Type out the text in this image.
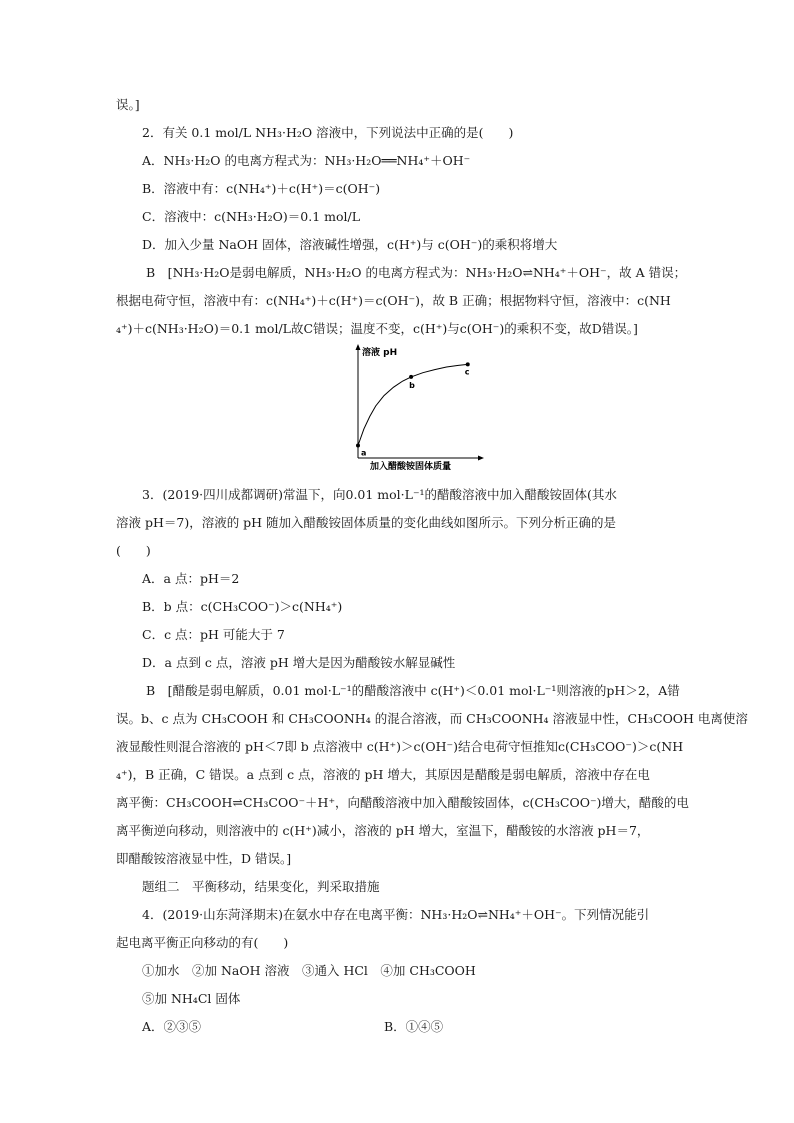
误。]
2．有关 0.1 mol/L NH₃·H₂O 溶液中，下列说法中正确的是(　　)
A．NH₃·H₂O 的电离方程式为：NH₃·H₂O══NH₄⁺＋OH⁻
B．溶液中有：c(NH₄⁺)＋c(H⁺)＝c(OH⁻)
C．溶液中：c(NH₃·H₂O)＝0.1 mol/L
D．加入少量 NaOH 固体，溶液碱性增强，c(H⁺)与 c(OH⁻)的乘积将增大
B　[NH₃·H₂O是弱电解质，NH₃·H₂O 的电离方程式为：NH₃·H₂O⇌NH₄⁺＋OH⁻，故 A 错误；
根据电荷守恒，溶液中有：c(NH₄⁺)＋c(H⁺)＝c(OH⁻)，故 B 正确；根据物料守恒，溶液中：c(NH
₄⁺)＋c(NH₃·H₂O)＝0.1 mol/L故C错误；温度不变，c(H⁺)与c(OH⁻)的乘积不变，故D错误。]
溶液 pH
加入醋酸铵固体质量
a
b
c
3．(2019·四川成都调研)常温下，向0.01 mol·L⁻¹的醋酸溶液中加入醋酸铵固体(其水
溶液 pH＝7)，溶液的 pH 随加入醋酸铵固体质量的变化曲线如图所示。下列分析正确的是
(　　)
A．a 点：pH＝2
B．b 点：c(CH₃COO⁻)＞c(NH₄⁺)
C．c 点：pH 可能大于 7
D．a 点到 c 点，溶液 pH 增大是因为醋酸铵水解显碱性
B　[醋酸是弱电解质，0.01 mol·L⁻¹的醋酸溶液中 c(H⁺)＜0.01 mol·L⁻¹则溶液的pH＞2，A错
误。b、c 点为 CH₃COOH 和 CH₃COONH₄ 的混合溶液，而 CH₃COONH₄ 溶液显中性，CH₃COOH 电离使溶
液显酸性则混合溶液的 pH＜7即 b 点溶液中 c(H⁺)＞c(OH⁻)结合电荷守恒推知c(CH₃COO⁻)＞c(NH
₄⁺)，B 正确，C 错误。a 点到 c 点，溶液的 pH 增大，其原因是醋酸是弱电解质，溶液中存在电
离平衡：CH₃COOH⇌CH₃COO⁻＋H⁺，向醋酸溶液中加入醋酸铵固体，c(CH₃COO⁻)增大，醋酸的电
离平衡逆向移动，则溶液中的 c(H⁺)减小，溶液的 pH 增大，室温下，醋酸铵的水溶液 pH＝7，
即醋酸铵溶液显中性，D 错误。]
题组二　平衡移动，结果变化，判采取措施
4．(2019·山东菏泽期末)在氨水中存在电离平衡：NH₃·H₂O⇌NH₄⁺＋OH⁻。下列情况能引
起电离平衡正向移动的有(　　)
①加水　②加 NaOH 溶液　③通入 HCl　④加 CH₃COOH
⑤加 NH₄Cl 固体
A．②③⑤	B．①④⑤
